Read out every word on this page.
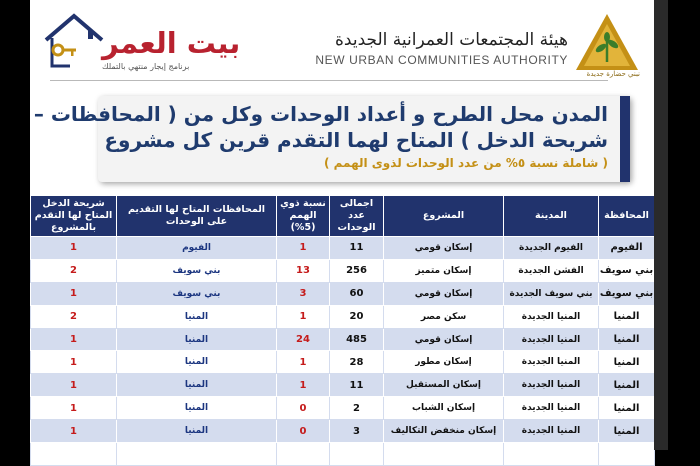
بيت العمر
برنامج إيجار منتهي بالتملك
هيئة المجتمعات العمرانية الجديدة
NEW URBAN COMMUNITIES AUTHORITY
نبني حضارة جديدة
المدن محل الطرح و أعداد الوحدات وكل من ( المحافظات –
شريحة الدخل ) المتاح لهما التقدم قرين كل مشروع
( شاملة نسبة ٥% من عدد الوحدات لذوى الهمم )
المحافظة	المدينة	المشروع	اجمالى عدد الوحدات	نسبة ذوي الهمم (5%)	المحافظات المتاح لها التقديم على الوحدات	شريحة الدخل المتاح لها التقدم بالمشروع
الفيوم	الفيوم الجديدة	إسكان قومي	11	1	الفيوم	1
بني سويف	الفشن الجديدة	إسكان متميز	256	13	بني سويف	2
بني سويف	بني سويف الجديدة	إسكان قومي	60	3	بني سويف	1
المنيا	المنيا الجديدة	سكن مصر	20	1	المنيا	2
المنيا	المنيا الجديدة	إسكان قومي	485	24	المنيا	1
المنيا	المنيا الجديدة	إسكان مطور	28	1	المنيا	1
المنيا	المنيا الجديدة	إسكان المستقبل	11	1	المنيا	1
المنيا	المنيا الجديدة	إسكان الشباب	2	0	المنيا	1
المنيا	المنيا الجديدة	إسكان منخفض التكاليف	3	0	المنيا	1
